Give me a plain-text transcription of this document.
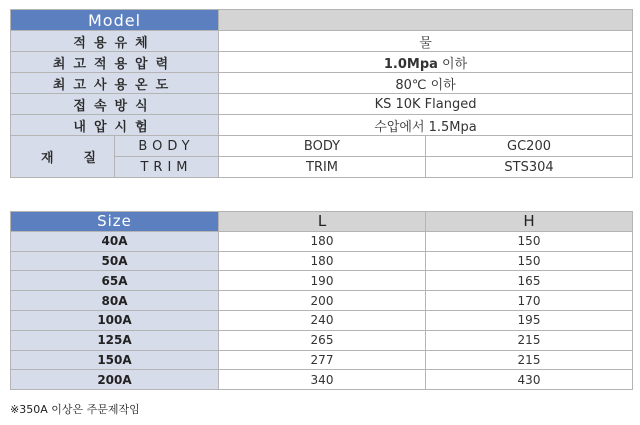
Model			
적용유체		물	
최고적용압력		1.0Mpa 이하	
최고사용온도		80℃ 이하	
접속방식		KS 10K Flanged	
내압시험		수압에서 1.5Mpa	
재질	BODY	BODY	GC200
	TRIM	TRIM	STS304
Size	L	H
40A	180	150
50A	180	150
65A	190	165
80A	200	170
100A	240	195
125A	265	215
150A	277	215
200A	340	430
※350A 이상은 주문제작임
